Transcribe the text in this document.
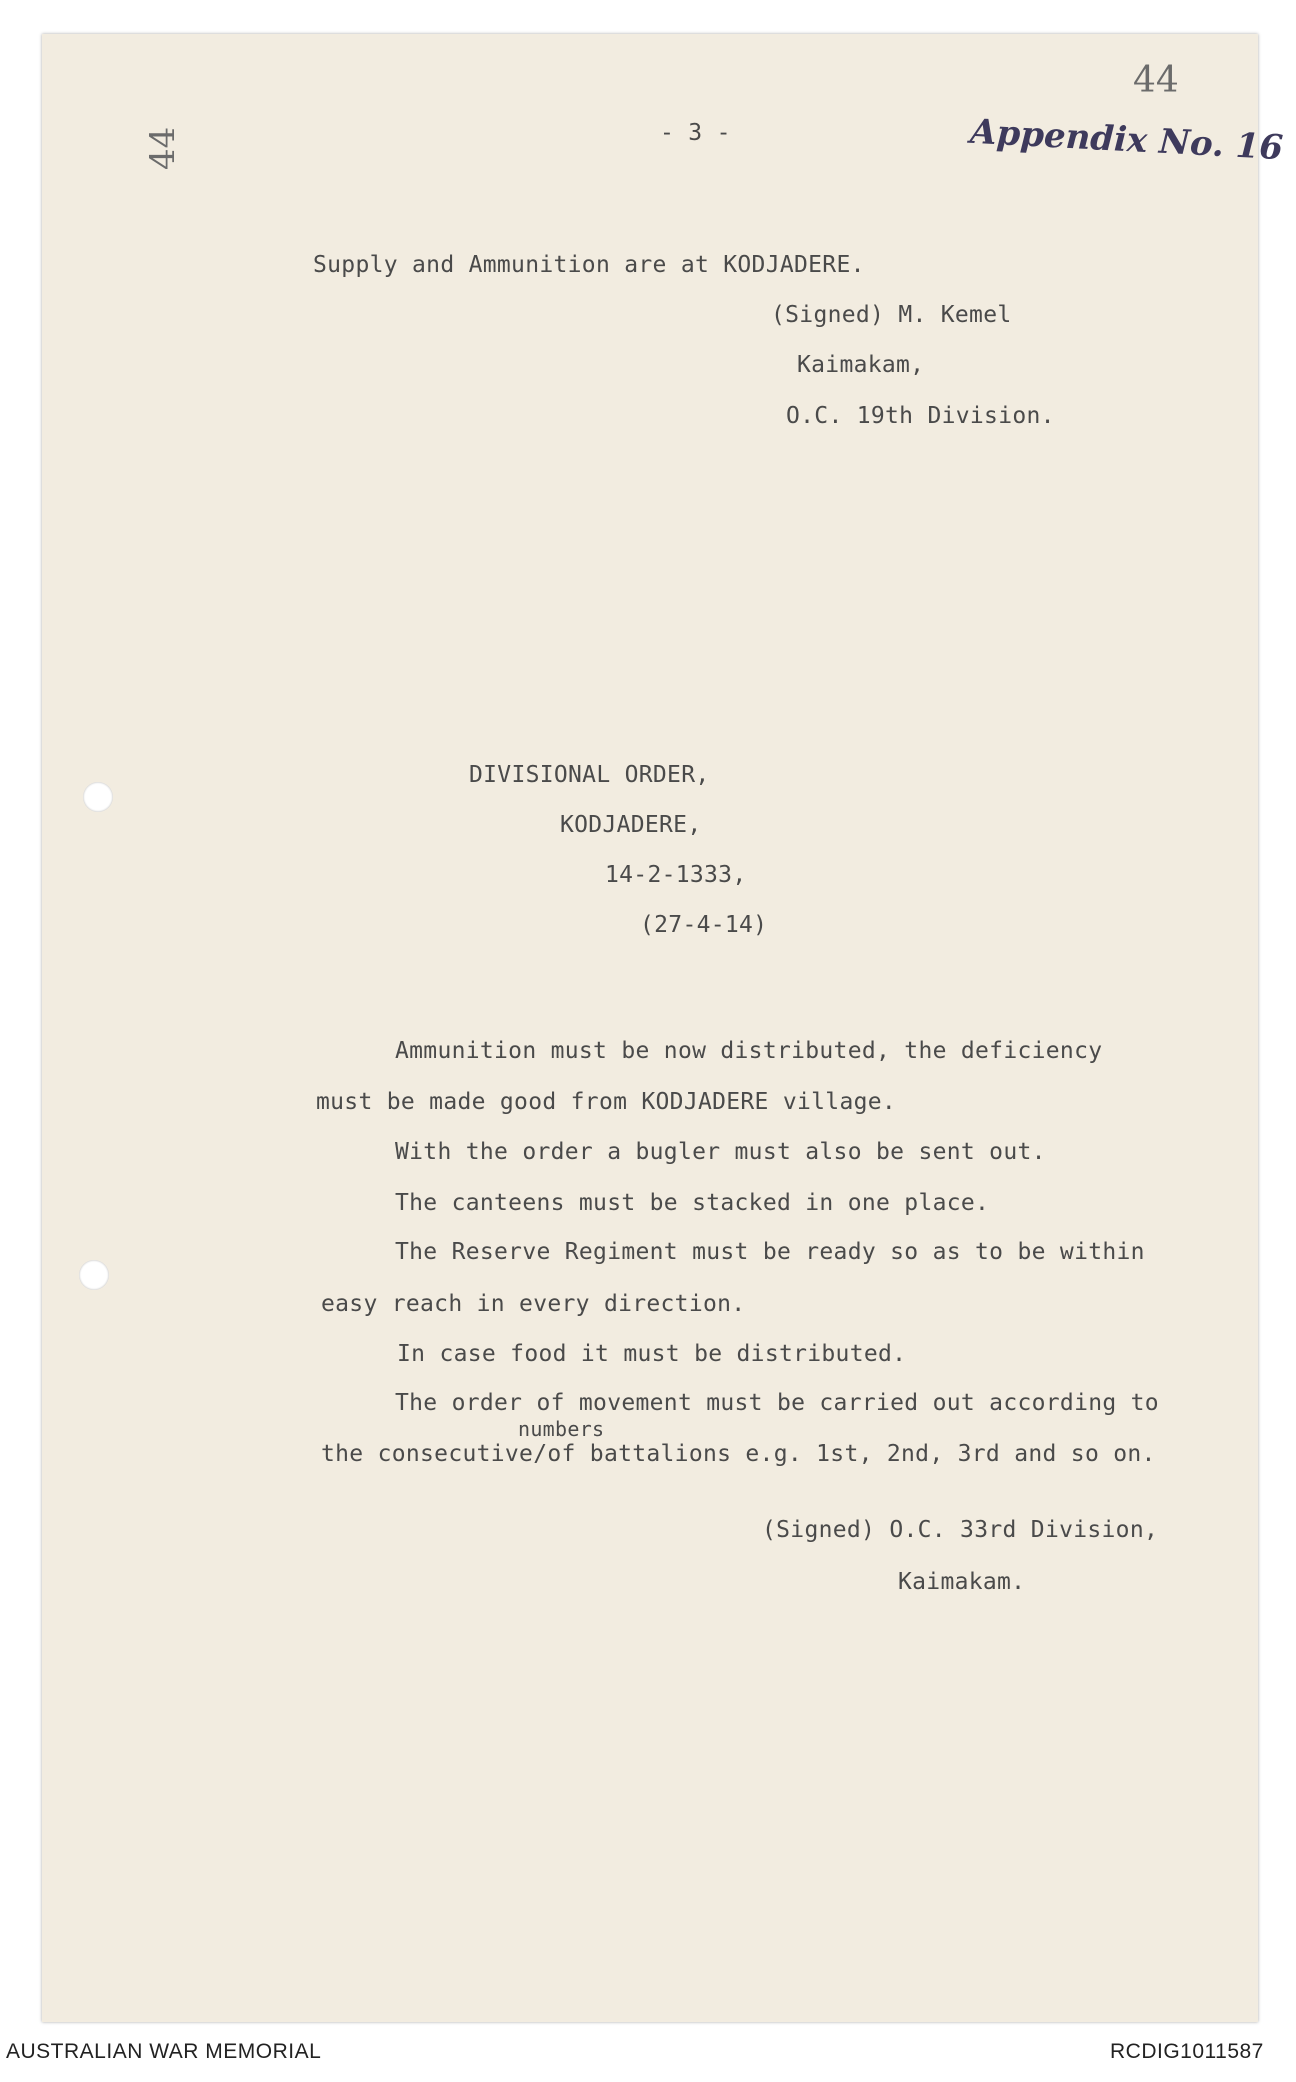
44
44	Appendix No. 16
- 3 -
Supply and Ammunition are at KODJADERE.
(Signed) M. Kemel
Kaimakam,
O.C. 19th Division.
DIVISIONAL ORDER,
KODJADERE,
14-2-1333,
(27-4-14)
Ammunition must be now distributed, the deficiency
must be made good from KODJADERE village.
With the order a bugler must also be sent out.
The canteens must be stacked in one place.
The Reserve Regiment must be ready so as to be within
easy reach in every direction.
In case food it must be distributed.
The order of movement must be carried out according to
numbers
the consecutive/of battalions e.g. 1st, 2nd, 3rd and so on.
(Signed) O.C. 33rd Division,
Kaimakam.
AUSTRALIAN WAR MEMORIAL	RCDIG1011587
